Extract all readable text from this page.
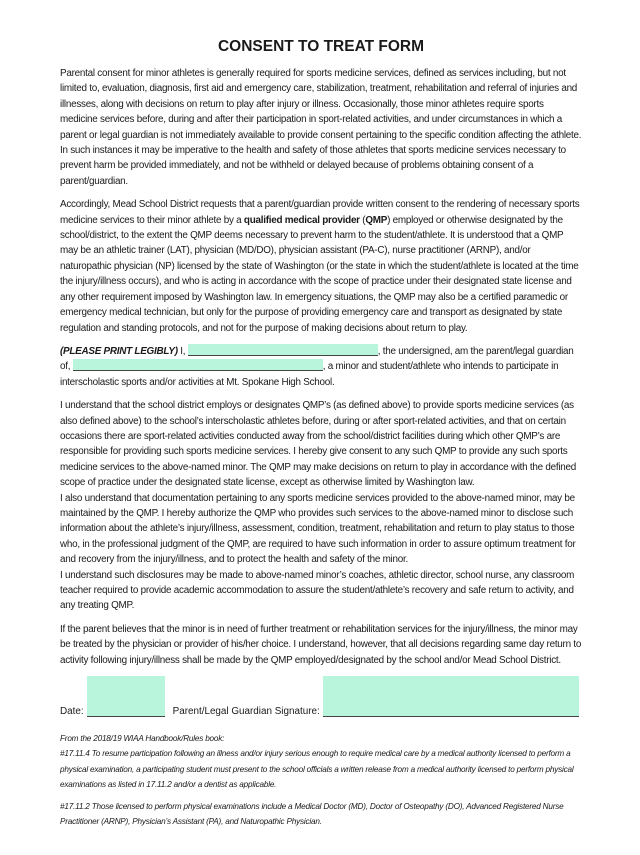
CONSENT TO TREAT FORM

Parental consent for minor athletes is generally required for sports medicine services, defined as services including, but not limited to, evaluation, diagnosis, first aid and emergency care, stabilization, treatment, rehabilitation and referral of injuries and illnesses, along with decisions on return to play after injury or illness. Occasionally, those minor athletes require sports medicine services before, during and after their participation in sport-related activities, and under circumstances in which a parent or legal guardian is not immediately available to provide consent pertaining to the specific condition affecting the athlete. In such instances it may be imperative to the health and safety of those athletes that sports medicine services necessary to prevent harm be provided immediately, and not be withheld or delayed because of problems obtaining consent of a parent/guardian.

Accordingly, Mead School District requests that a parent/guardian provide written consent to the rendering of necessary sports medicine services to their minor athlete by a qualified medical provider (QMP) employed or otherwise designated by the school/district, to the extent the QMP deems necessary to prevent harm to the student/athlete. It is understood that a QMP may be an athletic trainer (LAT), physician (MD/DO), physician assistant (PA-C), nurse practitioner (ARNP), and/or naturopathic physician (NP) licensed by the state of Washington (or the state in which the student/athlete is located at the time the injury/illness occurs), and who is acting in accordance with the scope of practice under their designated state license and any other requirement imposed by Washington law. In emergency situations, the QMP may also be a certified paramedic or emergency medical technician, but only for the purpose of providing emergency care and transport as designated by state regulation and standing protocols, and not for the purpose of making decisions about return to play.

(PLEASE PRINT LEGIBLY) I,	, the undersigned, am the parent/legal guardian of,	, a minor and student/athlete who intends to participate in interscholastic sports and/or activities at Mt. Spokane High School.

I understand that the school district employs or designates QMP’s (as defined above) to provide sports medicine services (as also defined above) to the school’s interscholastic athletes before, during or after sport-related activities, and that on certain occasions there are sport-related activities conducted away from the school/district facilities during which other QMP’s are responsible for providing such sports medicine services. I hereby give consent to any such QMP to provide any such sports medicine services to the above-named minor. The QMP may make decisions on return to play in accordance with the defined scope of practice under the designated state license, except as otherwise limited by Washington law.
I also understand that documentation pertaining to any sports medicine services provided to the above-named minor, may be maintained by the QMP. I hereby authorize the QMP who provides such services to the above-named minor to disclose such information about the athlete’s injury/illness, assessment, condition, treatment, rehabilitation and return to play status to those who, in the professional judgment of the QMP, are required to have such information in order to assure optimum treatment for and recovery from the injury/illness, and to protect the health and safety of the minor.
I understand such disclosures may be made to above-named minor’s coaches, athletic director, school nurse, any classroom teacher required to provide academic accommodation to assure the student/athlete’s recovery and safe return to activity, and any treating QMP.

If the parent believes that the minor is in need of further treatment or rehabilitation services for the injury/illness, the minor may be treated by the physician or provider of his/her choice. I understand, however, that all decisions regarding same day return to activity following injury/illness shall be made by the QMP employed/designated by the school and/or Mead School District.

Date:	Parent/Legal Guardian Signature:
From the 2018/19 WIAA Handbook/Rules book:
#17.11.4 To resume participation following an illness and/or injury serious enough to require medical care by a medical authority licensed to perform a physical examination, a participating student must present to the school officials a written release from a medical authority licensed to perform physical examinations as listed in 17.11.2 and/or a dentist as applicable.
#17.11.2 Those licensed to perform physical examinations include a Medical Doctor (MD), Doctor of Osteopathy (DO), Advanced Registered Nurse Practitioner (ARNP), Physician’s Assistant (PA), and Naturopathic Physician.
